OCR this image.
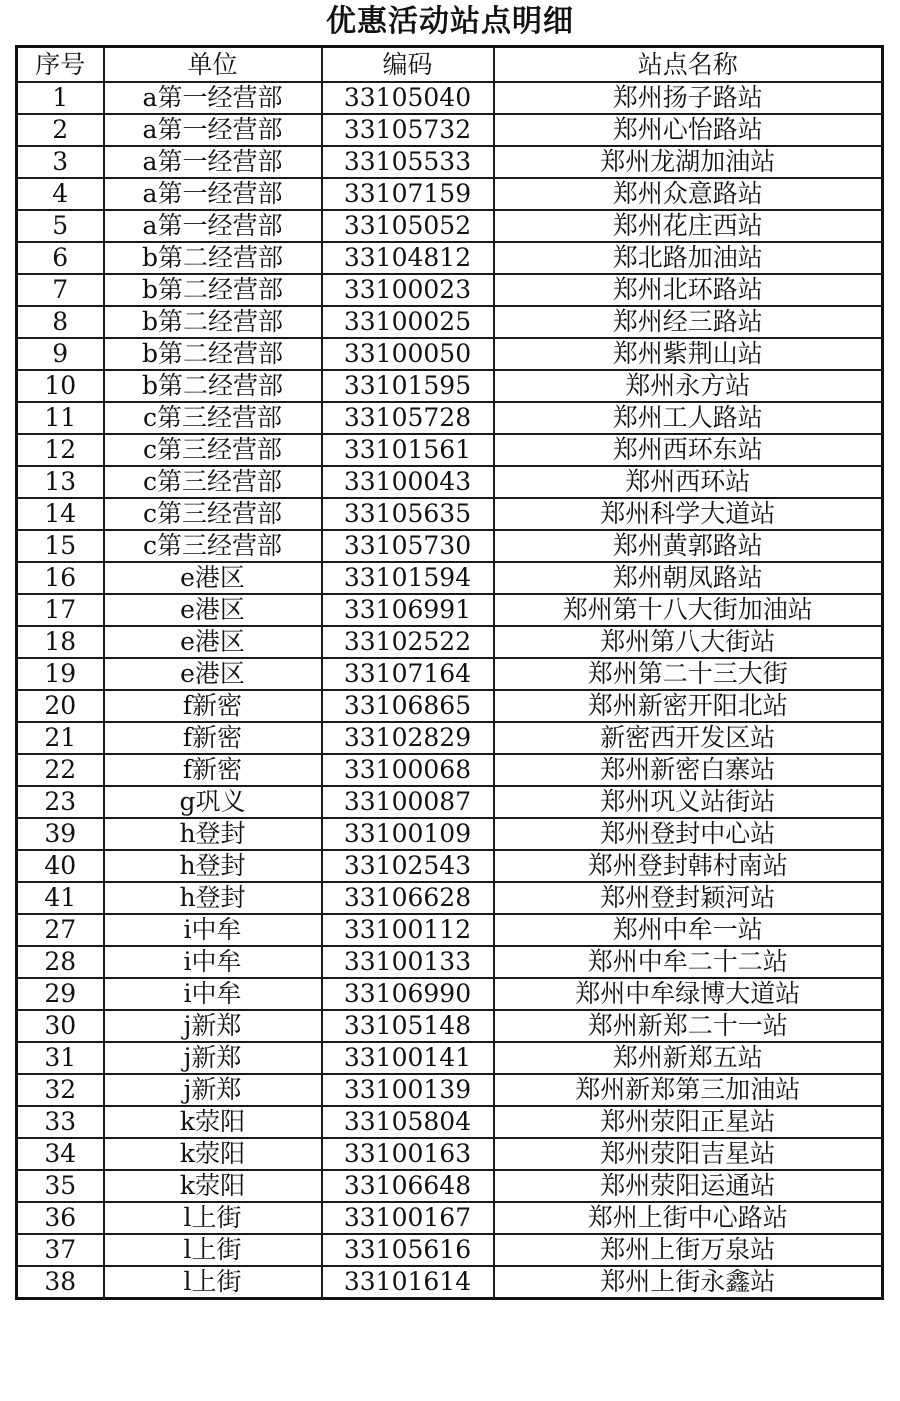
优惠活动站点明细
序号	单位	编码	站点名称
1	a第一经营部	33105040	郑州扬子路站
2	a第一经营部	33105732	郑州心怡路站
3	a第一经营部	33105533	郑州龙湖加油站
4	a第一经营部	33107159	郑州众意路站
5	a第一经营部	33105052	郑州花庄西站
6	b第二经营部	33104812	郑北路加油站
7	b第二经营部	33100023	郑州北环路站
8	b第二经营部	33100025	郑州经三路站
9	b第二经营部	33100050	郑州紫荆山站
10	b第二经营部	33101595	郑州永方站
11	c第三经营部	33105728	郑州工人路站
12	c第三经营部	33101561	郑州西环东站
13	c第三经营部	33100043	郑州西环站
14	c第三经营部	33105635	郑州科学大道站
15	c第三经营部	33105730	郑州黄郭路站
16	e港区	33101594	郑州朝凤路站
17	e港区	33106991	郑州第十八大街加油站
18	e港区	33102522	郑州第八大街站
19	e港区	33107164	郑州第二十三大街
20	f新密	33106865	郑州新密开阳北站
21	f新密	33102829	新密西开发区站
22	f新密	33100068	郑州新密白寨站
23	g巩义	33100087	郑州巩义站街站
39	h登封	33100109	郑州登封中心站
40	h登封	33102543	郑州登封韩村南站
41	h登封	33106628	郑州登封颖河站
27	i中牟	33100112	郑州中牟一站
28	i中牟	33100133	郑州中牟二十二站
29	i中牟	33106990	郑州中牟绿博大道站
30	j新郑	33105148	郑州新郑二十一站
31	j新郑	33100141	郑州新郑五站
32	j新郑	33100139	郑州新郑第三加油站
33	k荥阳	33105804	郑州荥阳正星站
34	k荥阳	33100163	郑州荥阳吉星站
35	k荥阳	33106648	郑州荥阳运通站
36	l上街	33100167	郑州上街中心路站
37	l上街	33105616	郑州上街万泉站
38	l上街	33101614	郑州上街永鑫站
